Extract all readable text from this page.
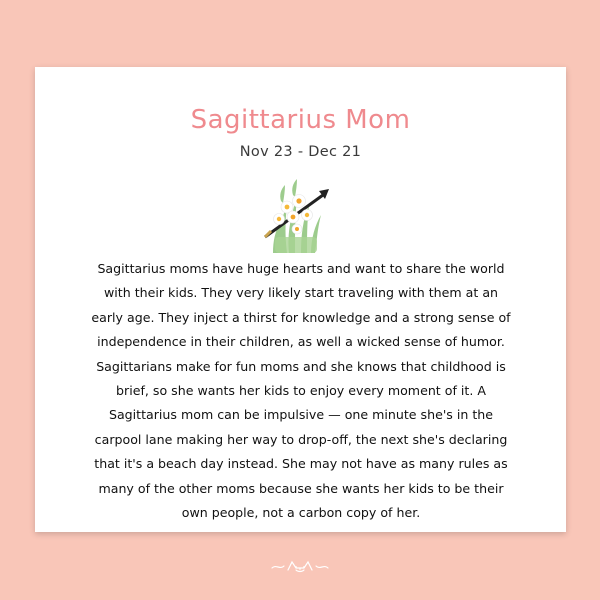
Sagittarius Mom
Nov 23 - Dec 21

Sagittarius moms have huge hearts and want to share the world with their kids. They very likely start traveling with them at an early age. They inject a thirst for knowledge and a strong sense of independence in their children, as well a wicked sense of humor.

Sagittarians make for fun moms and she knows that childhood is brief, so she wants her kids to enjoy every moment of it. A Sagittarius mom can be impulsive — one minute she's in the carpool lane making her way to drop-off, the next she's declaring that it's a beach day instead. She may not have as many rules as many of the other moms because she wants her kids to be their own people, not a carbon copy of her.
